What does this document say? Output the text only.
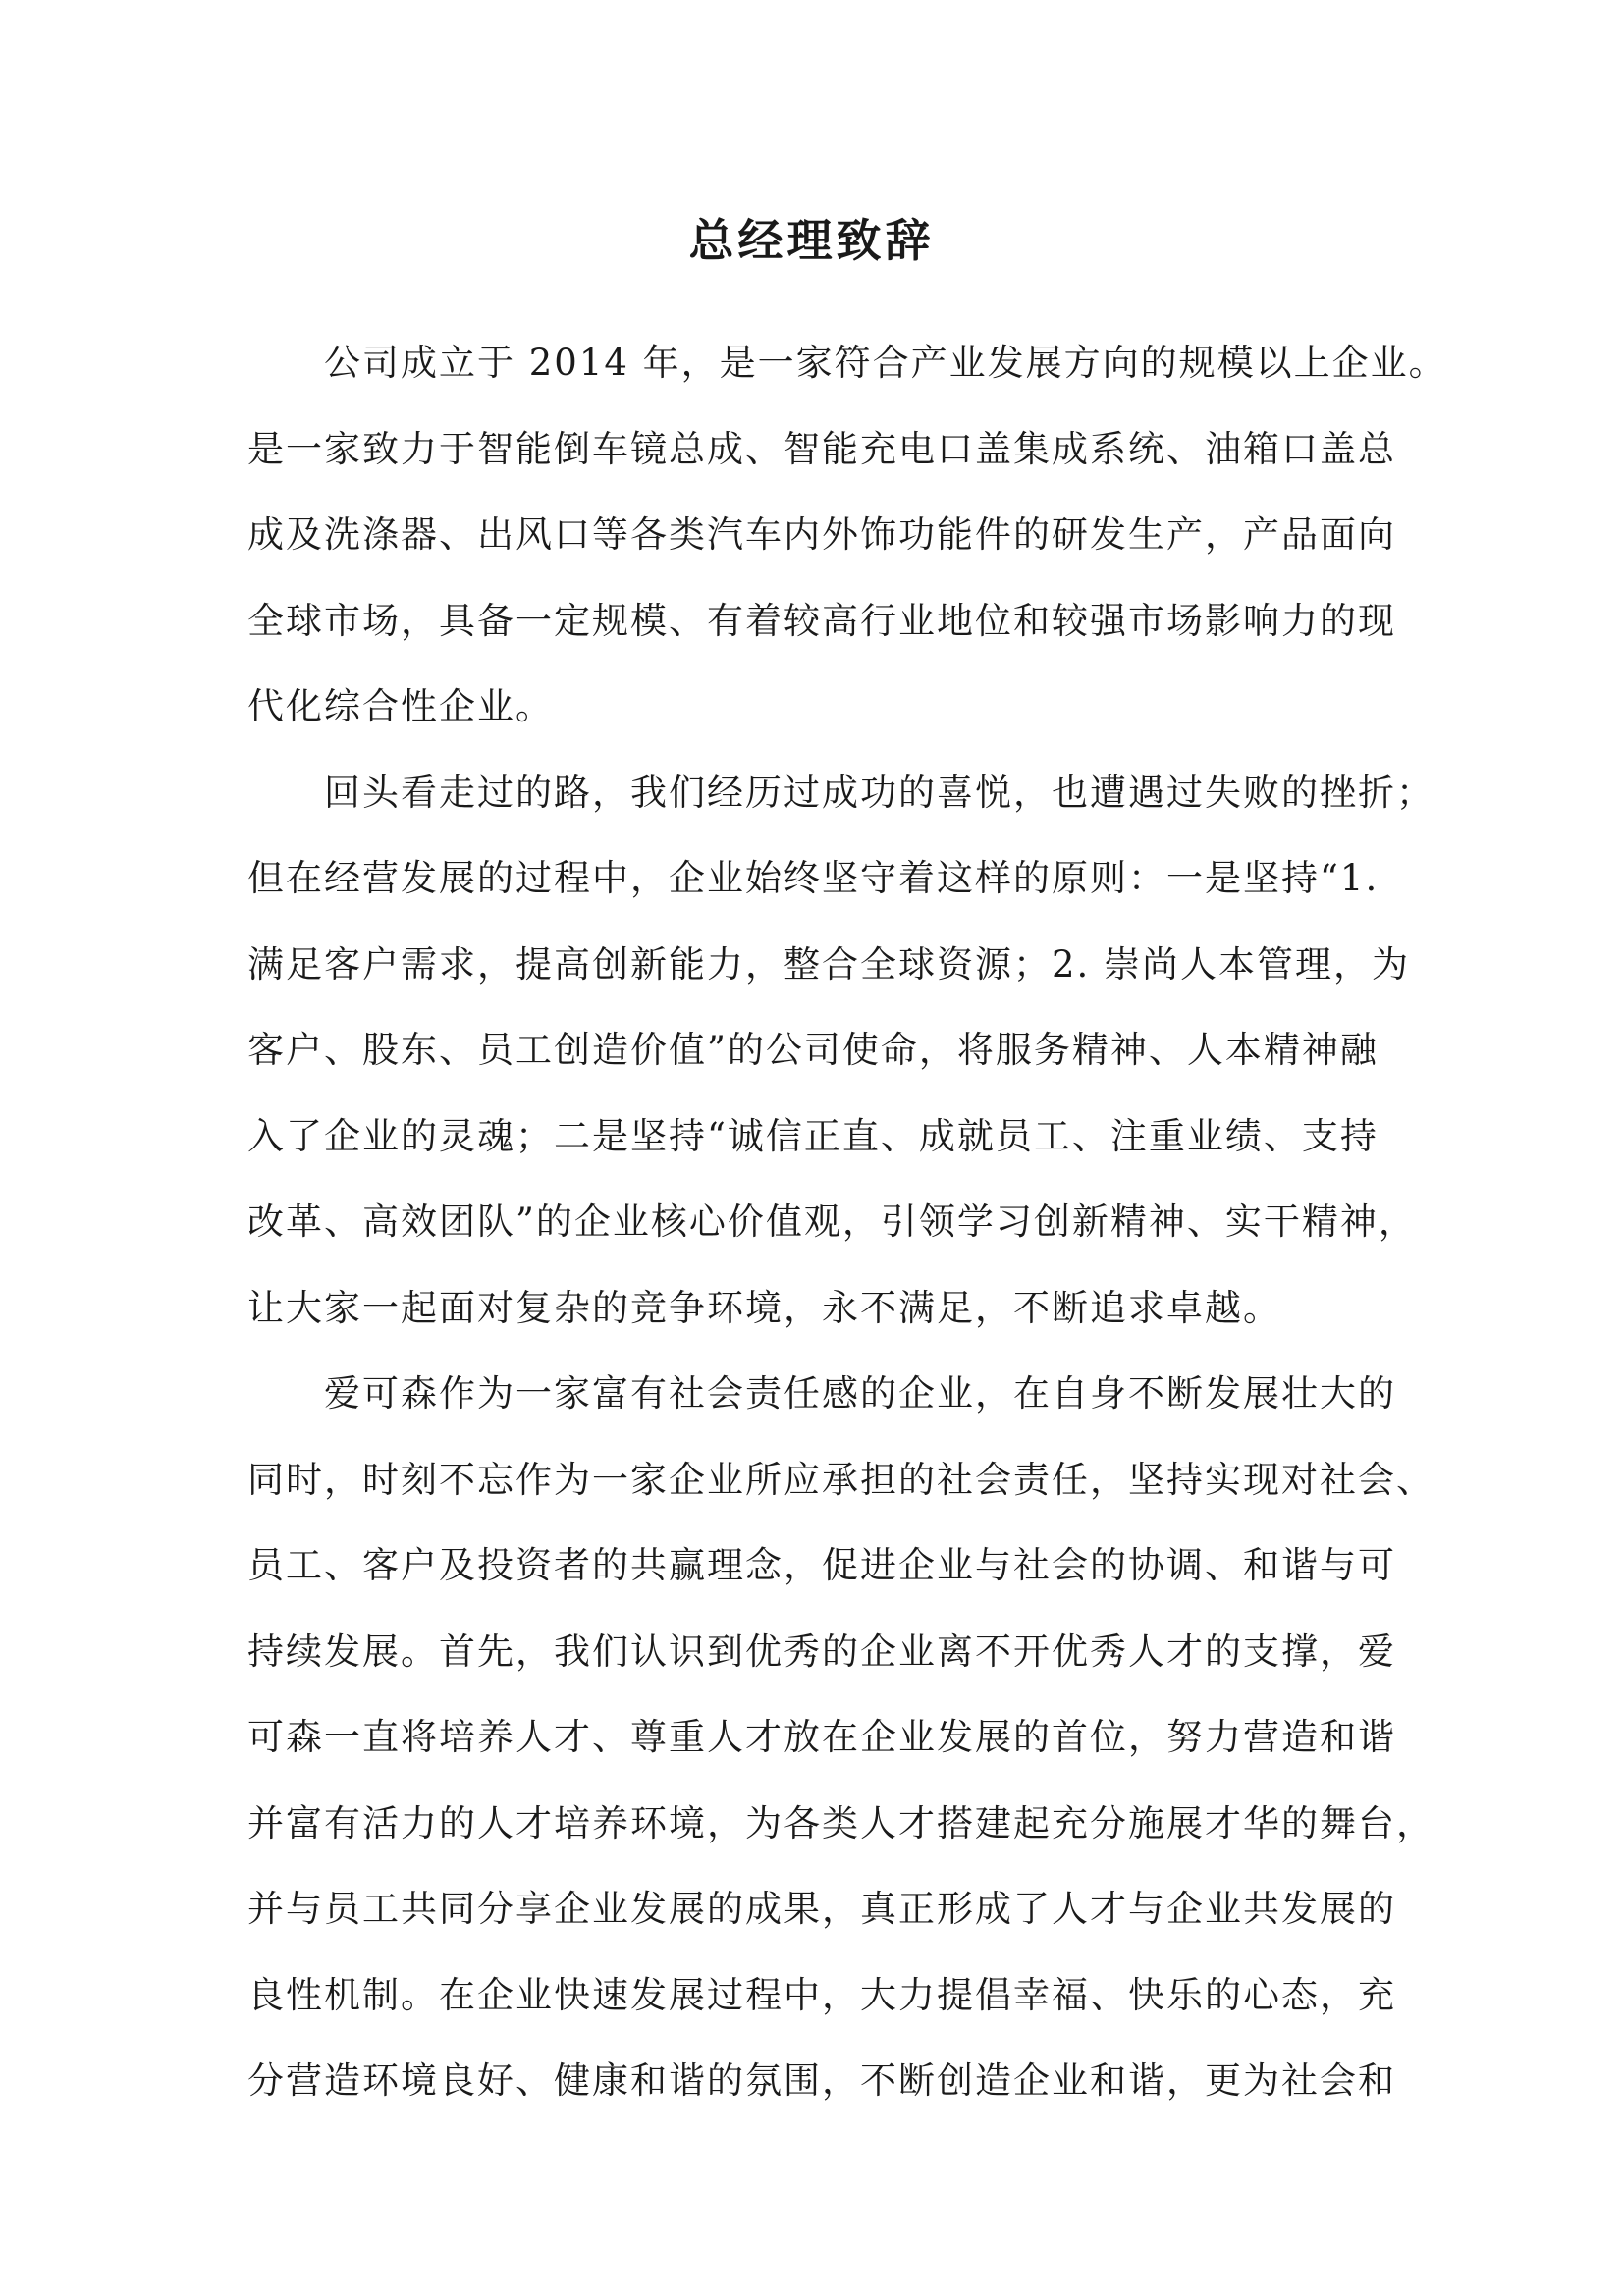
总经理致辞
公司成立于 2014 年，是一家符合产业发展方向的规模以上企业。
是一家致力于智能倒车镜总成、智能充电口盖集成系统、油箱口盖总
成及洗涤器、出风口等各类汽车内外饰功能件的研发生产，产品面向
全球市场，具备一定规模、有着较高行业地位和较强市场影响力的现
代化综合性企业。
回头看走过的路，我们经历过成功的喜悦，也遭遇过失败的挫折；
但在经营发展的过程中，企业始终坚守着这样的原则：一是坚持“1.
满足客户需求，提高创新能力，整合全球资源；2. 崇尚人本管理，为
客户、股东、员工创造价值”的公司使命，将服务精神、人本精神融
入了企业的灵魂；二是坚持“诚信正直、成就员工、注重业绩、支持
改革、高效团队”的企业核心价值观，引领学习创新精神、实干精神，
让大家一起面对复杂的竞争环境，永不满足，不断追求卓越。
爱可森作为一家富有社会责任感的企业，在自身不断发展壮大的
同时，时刻不忘作为一家企业所应承担的社会责任，坚持实现对社会、
员工、客户及投资者的共赢理念，促进企业与社会的协调、和谐与可
持续发展。首先，我们认识到优秀的企业离不开优秀人才的支撑，爱
可森一直将培养人才、尊重人才放在企业发展的首位，努力营造和谐
并富有活力的人才培养环境，为各类人才搭建起充分施展才华的舞台，
并与员工共同分享企业发展的成果，真正形成了人才与企业共发展的
良性机制。在企业快速发展过程中，大力提倡幸福、快乐的心态，充
分营造环境良好、健康和谐的氛围，不断创造企业和谐，更为社会和
